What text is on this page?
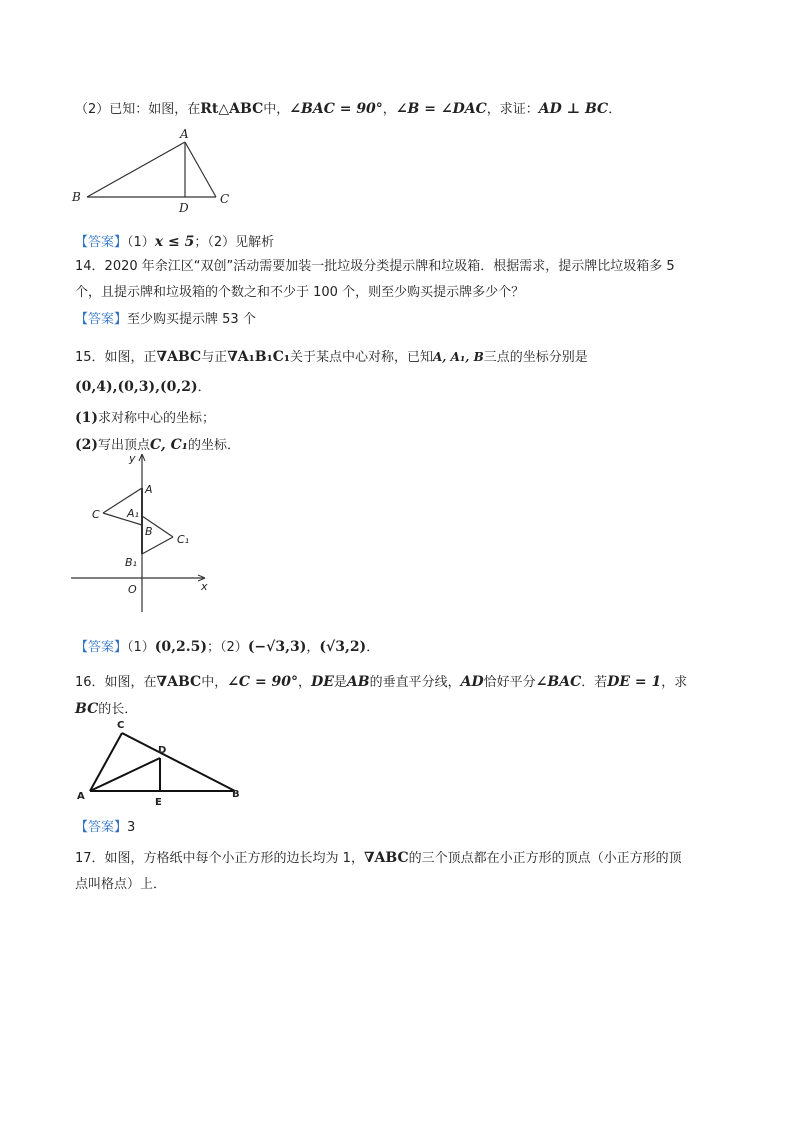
（2）已知：如图，在Rt△ABC中，∠BAC = 90°，∠B = ∠DAC，求证：AD ⊥ BC．
A
B	C
D
【答案】（1）x ≤ 5；（2）见解析
14．2020 年余江区“双创”活动需要加装一批垃圾分类提示牌和垃圾箱．根据需求，提示牌比垃圾箱多 5
个，且提示牌和垃圾箱的个数之和不少于 100 个，则至少购买提示牌多少个？
【答案】至少购买提示牌 53 个
15．如图，正∇ABC与正∇A₁B₁C₁关于某点中心对称，已知A, A₁, B三点的坐标分别是
(0,4),(0,3),(0,2)．
(1)求对称中心的坐标；
(2)写出顶点C, C₁的坐标．
y
x
O
A
A₁
B
B₁
C
C₁
【答案】（1）(0,2.5)；（2）(−√3,3)，(√3,2)．
16．如图，在∇ABC中，∠C = 90°，DE是AB的垂直平分线，AD恰好平分∠BAC．若DE = 1，求
BC的长．
C
D
A
E
B
【答案】3
17．如图，方格纸中每个小正方形的边长均为 1，∇ABC的三个顶点都在小正方形的顶点（小正方形的顶
点叫格点）上．
